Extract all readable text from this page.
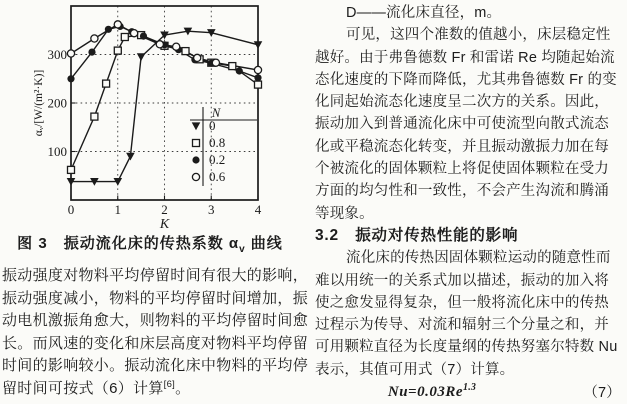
0	1	2	3	4
100
200
300
K
αᵥ/[W/(m²·K)]	N
0
0.8
0.2
0.6
图 3　振动流化床的传热系数 $\alpha_v$ 曲线
振动强度对物料平均停留时间有很大的影响，
振动强度减小，物料的平均停留时间增加，振
动电机激振角愈大，则物料的平均停留时间愈
长。而风速的变化和床层高度对物料平均停留
时间的影响较小。振动流化床中物料的平均停
留时间可按式（6）计算[6]。
D——流化床直径，m。
可见，这四个准数的值越小，床层稳定性
越好。由于弗鲁德数 Fr 和雷诺 Re 均随起始流
态化速度的下降而降低，尤其弗鲁德数 Fr 的变
化同起始流态化速度呈二次方的关系。因此，
振动加入到普通流化床中可使流型向散式流态
化或平稳流态化转变，并且振动激振力加在每
个被流化的固体颗粒上将促使固体颗粒在受力
方面的均匀性和一致性，不会产生沟流和腾涌
等现象。
3.2　振动对传热性能的影响
流化床的传热因固体颗粒运动的随意性而
难以用统一的关系式加以描述，振动的加入将
使之愈发显得复杂，但一般将流化床中的传热
过程示为传导、对流和辐射三个分量之和，并
可用颗粒直径为长度量纲的传热努塞尔特数 Nu
表示，其值可用式（7）计算。
$Nu=0.03Re^{1.3}$	（7）
